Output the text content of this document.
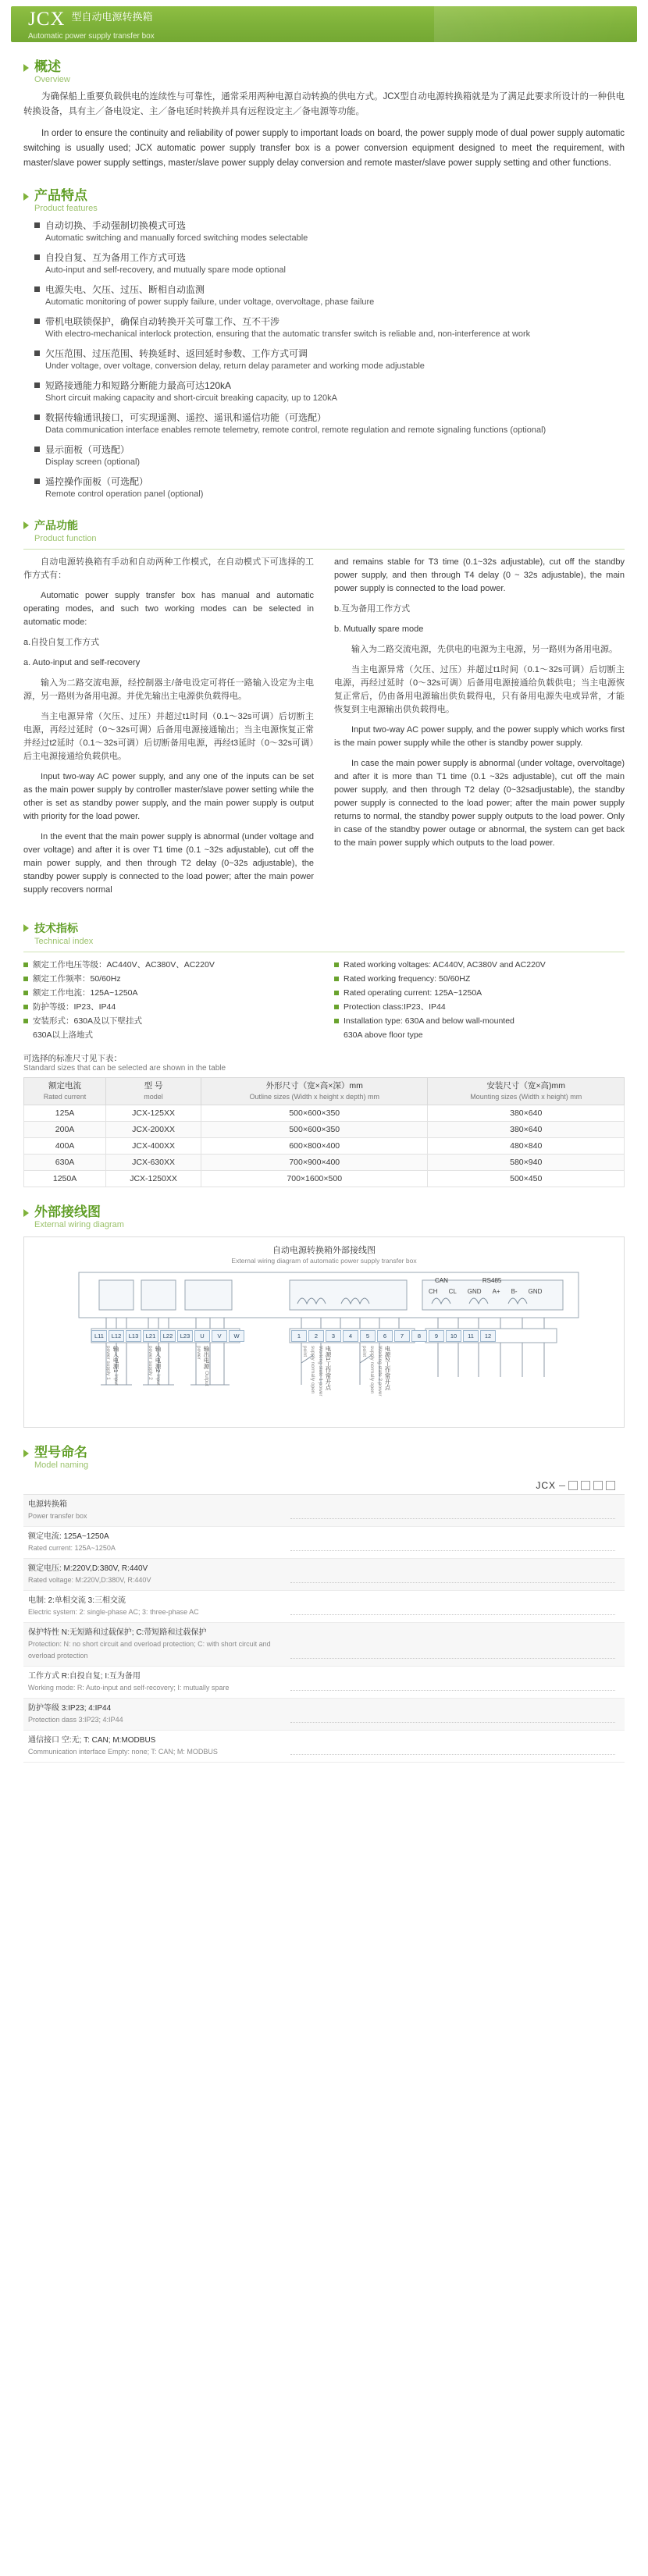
JCX 型 自动电源转换箱
Automatic power supply transfer box
概述
Overview

为确保船上重要负载供电的连续性与可靠性，通常采用两种电源自动转换的供电方式。JCX型自动电源转换箱就是为了满足此要求所设计的一种供电转换设备，具有主／备电设定、主／备电延时转换并具有远程设定主／备电源等功能。

In order to ensure the continuity and reliability of power supply to important loads on board, the power supply mode of dual power supply automatic switching is usually used; JCX automatic power supply transfer box is a power conversion equipment designed to meet the requirement, with master/slave power supply settings, master/slave power supply delay conversion and remote master/slave power supply setting and other functions.

产品特点
Product features
自动切换、手动强制切换模式可选
Automatic switching and manually forced switching modes selectable
自投自复、互为备用工作方式可选
Auto-input and self-recovery, and mutually spare mode optional
电源失电、欠压、过压、断相自动监测
Automatic monitoring of power supply failure, under voltage, overvoltage, phase failure
带机电联锁保护，确保自动转换开关可靠工作、互不干涉
With electro-mechanical interlock protection, ensuring that the automatic transfer switch is reliable and, non-interference at work
欠压范围、过压范围、转换延时、返回延时参数、工作方式可调
Under voltage, over voltage, conversion delay, return delay parameter and working mode adjustable
短路接通能力和短路分断能力最高可达120kA
Short circuit making capacity and short-circuit breaking capacity, up to 120kA
数据传输通讯接口，可实现遥测、遥控、遥讯和遥信功能（可选配）
Data communication interface enables remote telemetry, remote control, remote regulation and remote signaling functions (optional)
显示面板（可选配）
Display screen (optional)
遥控操作面板（可选配）
Remote control operation panel (optional)
产品功能
Product function

自动电源转换箱有手动和自动两种工作模式，在自动模式下可选择的工作方式有：

Automatic power supply transfer box has manual and automatic operating modes, and such two working modes can be selected in automatic mode:

a.自投自复工作方式

a. Auto-input and self-recovery

输入为二路交流电源，经控制器主/备电设定可将任一路输入设定为主电源，另一路则为备用电源。并优先输出主电源供负载得电。

当主电源异常（欠压、过压）并超过t1时间（0.1～32s可调）后切断主电源，再经过延时（0～32s可调）后备用电源接通输出；当主电源恢复正常并经过t2延时（0.1～32s可调）后切断备用电源，再经t3延时（0～32s可调）后主电源接通给负载供电。

Input two-way AC power supply, and any one of the inputs can be set as the main power supply by controller master/slave power setting while the other is set as standby power supply, and the main power supply is output with priority for the load power.

In the event that the main power supply is abnormal (under voltage and over voltage) and after it is over T1 time (0.1 ~32s adjustable), cut off the main power supply, and then through T2 delay (0~32s adjustable), the standby power supply is connected to the load power; after the main power supply recovers normal

and remains stable for T3 time (0.1~32s adjustable), cut off the standby power supply, and then through T4 delay (0 ~ 32s adjustable), the main power supply is connected to the load power.

b.互为备用工作方式

b. Mutually spare mode

输入为二路交流电源，先供电的电源为主电源，另一路则为备用电源。

当主电源异常（欠压、过压）并超过t1时间（0.1～32s可调）后切断主电源，再经过延时（0～32s可调）后备用电源接通给负载供电；当主电源恢复正常后，仍由备用电源输出供负载得电，只有备用电源失电或异常，才能恢复到主电源输出供负载得电。

Input two-way AC power supply, and the power supply which works first is the main power supply while the other is standby power supply.

In case the main power supply is abnormal (under voltage, overvoltage) and after it is more than T1 time (0.1 ~32s adjustable), cut off the main power supply, and then through T2 delay (0~32sadjustable), the standby power supply is connected to the load power; after the main power supply returns to normal, the standby power supply outputs to the load power. Only in case of the standby power outage or abnormal, the system can get back to the main power supply which outputs to the load power.

技术指标
Technical index
额定工作电压等级：AC440V、AC380V、AC220V	Rated working voltages: AC440V, AC380V and AC220V
额定工作频率：50/60Hz	Rated working frequency: 50/60HZ
额定工作电流：125A~1250A	Rated operating current: 125A~1250A
防护等级：IP23、IP44	Protection class:IP23、IP44
安装形式：630A及以下壁挂式	Installation type: 630A and below wall-mounted
630A以上洛地式	630A above floor type
可选择的标准尺寸见下表：
Standard sizes that can be selected are shown in the table
额定电流
Rated current	型 号
model	外形尺寸（宽×高×深）mm
Outline sizes (Width x height x depth) mm	安装尺寸（宽×高)mm
Mounting sizes (Width x height) mm

125A	JCX-125XX	500×600×350	380×640
200A	JCX-200XX	500×600×350	380×640
400A	JCX-400XX	600×800×400	480×840
630A	JCX-630XX	700×900×400	580×940
1250A	JCX-1250XX	700×1600×500	500×450
外部接线图
External wiring diagram
自动电源转换箱外部接线图
External wiring diagram of automatic power supply transfer box
L11	L12	L13	L21	L22	L23	U	V	W	1	2	3	4	5	6	7	8	9	10	11	12
CAN	RS485
CH CL GND A+ B- GND
输入电源1 Input power supply 1	输入电源2 Input power supply 2	输出电源 Output power	电源1工作常开点 Working state 1 power supply normally open point	电源2工作常开点 Working state 2 power supply normally open point
型号命名
Model naming
JCX
电源转换箱
Power transfer box
额定电流: 125A~1250A
Rated current: 125A~1250A
额定电压: M:220V,D:380V, R:440V
Rated voltage: M:220V,D:380V, R:440V
电制: 2:单相交流 3:三相交流
Electric system: 2: single-phase AC; 3: three-phase AC
保护特性 N:无短路和过载保护; C:带短路和过载保护
Protection: N: no short circuit and overload protection; C: with short circuit and overload protection
工作方式 R:自投自复; I:互为备用
Working mode: R: Auto-input and self-recovery; I: mutually spare
防护等级 3:IP23; 4:IP44
Protection dass 3:IP23; 4:IP44
通信接口 空:无; T: CAN; M:MODBUS
Communication interface Empty: none; T: CAN; M: MODBUS
